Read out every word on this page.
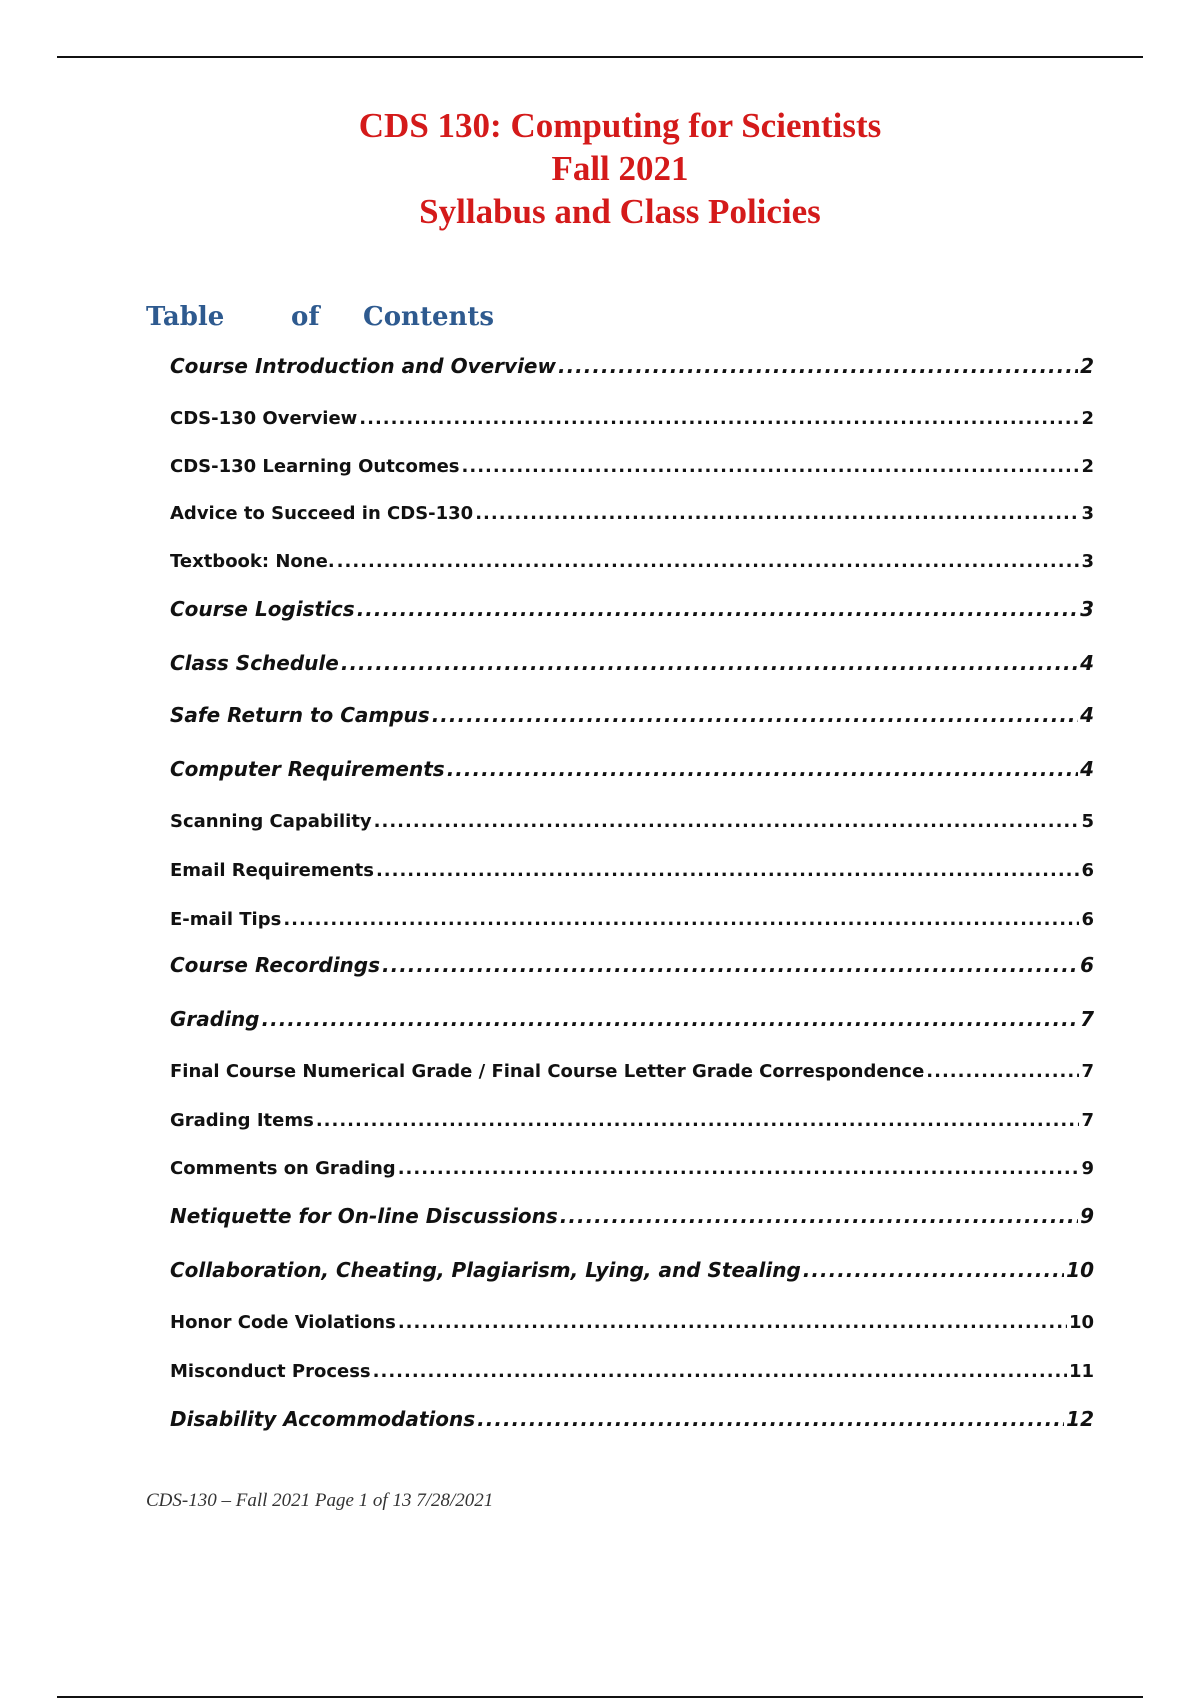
CDS 130: Computing for Scientists
Fall 2021
Syllabus and Class Policies
Table	of Contents
Course Introduction and Overview .....	2
CDS-130 Overview .....	2
CDS-130 Learning Outcomes .....	2
Advice to Succeed in CDS-130 .....	3
Textbook: None. .....	3
Course Logistics .....	3
Class Schedule .....	4
Safe Return to Campus .....	4
Computer Requirements .....	4
Scanning Capability .....	5
Email Requirements .....	6
E-mail Tips .....	6
Course Recordings .....	6
Grading .....	7
Final Course Numerical Grade / Final Course Letter Grade Correspondence .....	7
Grading Items .....	7
Comments on Grading .....	9
Netiquette for On-line Discussions .....	9
Collaboration, Cheating, Plagiarism, Lying, and Stealing .....	10
Honor Code Violations .....	10
Misconduct Process .....	11
Disability Accommodations .....	12
CDS-130 – Fall 2021 Page 1 of 13 7/28/2021
